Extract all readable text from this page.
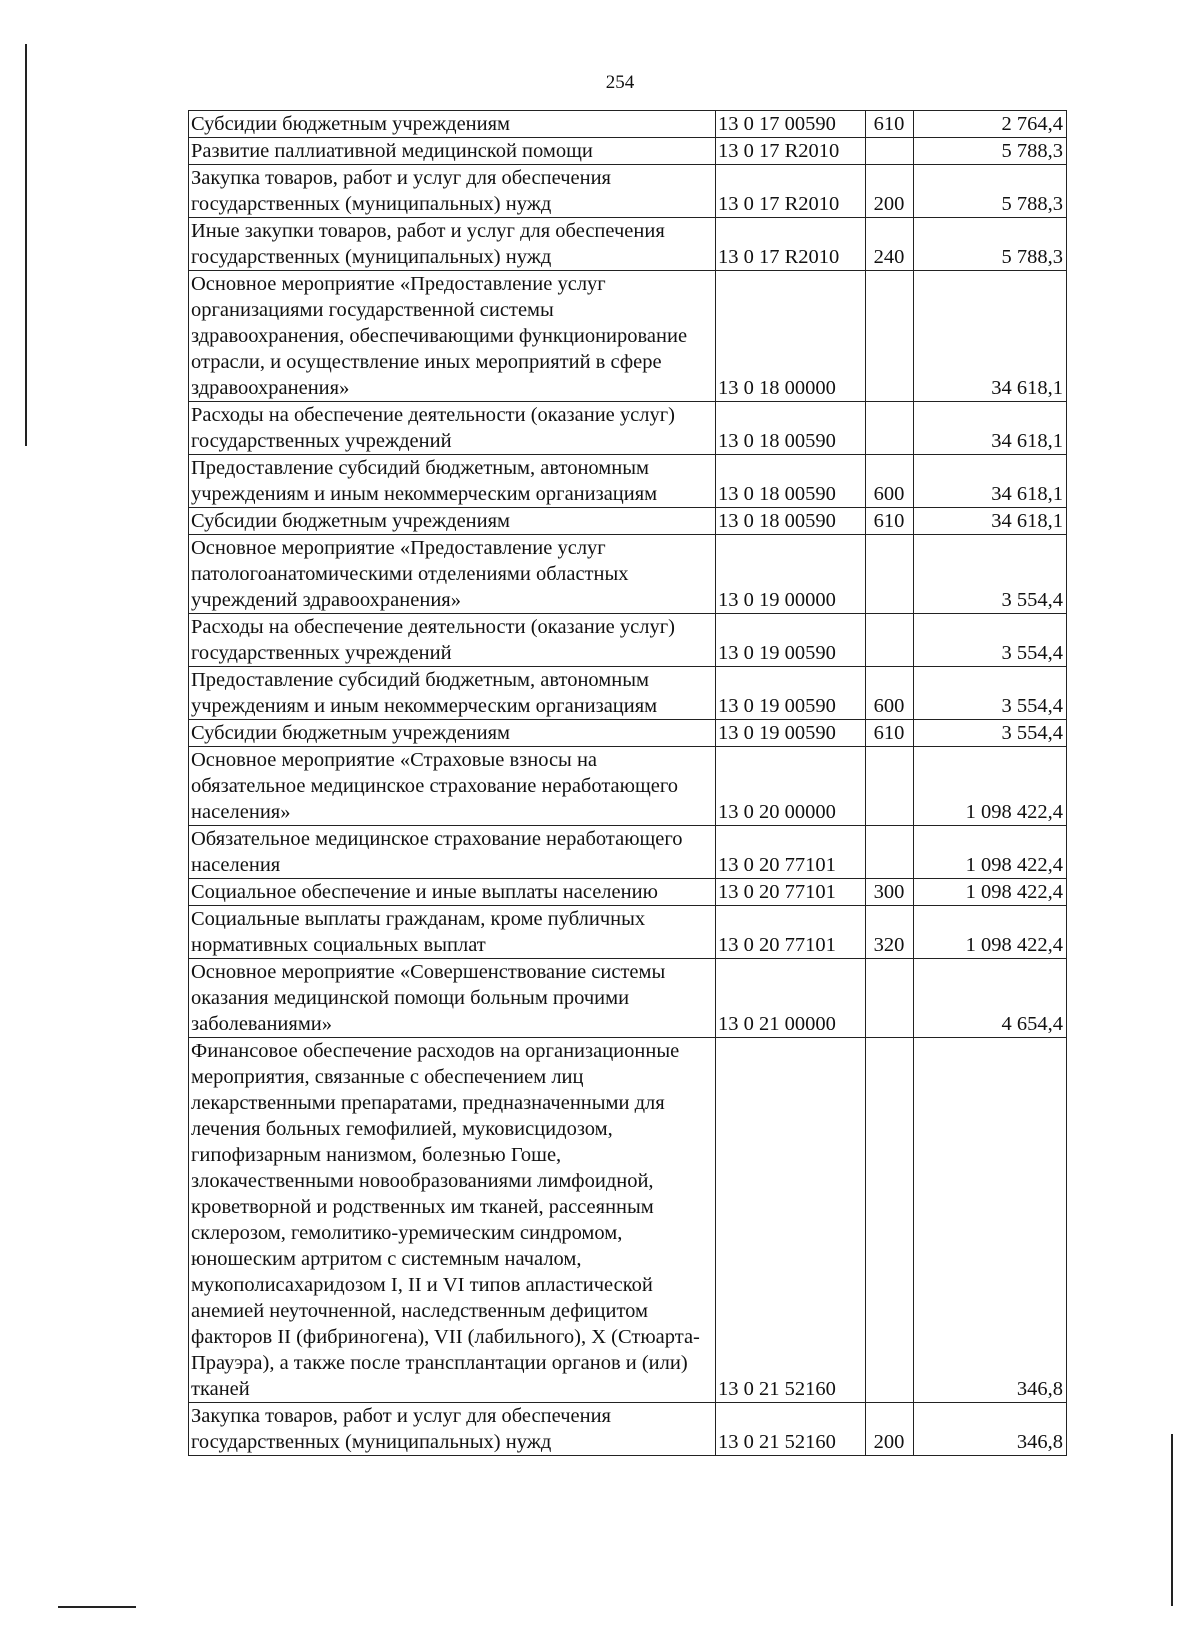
254
Субсидии бюджетным учреждениям	13 0 17 00590	610	2 764,4
Развитие паллиативной медицинской помощи	13 0 17 R2010		5 788,3
Закупка товаров, работ и услуг для обеспечения государственных (муниципальных) нужд	13 0 17 R2010	200	5 788,3
Иные закупки товаров, работ и услуг для обеспечения государственных (муниципальных) нужд	13 0 17 R2010	240	5 788,3
Основное мероприятие «Предоставление услуг организациями государственной системы здравоохранения, обеспечивающими функционирование отрасли, и осуществление иных мероприятий в сфере здравоохранения»	13 0 18 00000		34 618,1
Расходы на обеспечение деятельности (оказание услуг) государственных учреждений	13 0 18 00590		34 618,1
Предоставление субсидий бюджетным, автономным учреждениям и иным некоммерческим организациям	13 0 18 00590	600	34 618,1
Субсидии бюджетным учреждениям	13 0 18 00590	610	34 618,1
Основное мероприятие «Предоставление услуг патологоанатомическими отделениями областных учреждений здравоохранения»	13 0 19 00000		3 554,4
Расходы на обеспечение деятельности (оказание услуг) государственных учреждений	13 0 19 00590		3 554,4
Предоставление субсидий бюджетным, автономным учреждениям и иным некоммерческим организациям	13 0 19 00590	600	3 554,4
Субсидии бюджетным учреждениям	13 0 19 00590	610	3 554,4
Основное мероприятие «Страховые взносы на обязательное медицинское страхование неработающего населения»	13 0 20 00000		1 098 422,4
Обязательное медицинское страхование неработающего населения	13 0 20 77101		1 098 422,4
Социальное обеспечение и иные выплаты населению	13 0 20 77101	300	1 098 422,4
Социальные выплаты гражданам, кроме публичных нормативных социальных выплат	13 0 20 77101	320	1 098 422,4
Основное мероприятие «Совершенствование системы оказания медицинской помощи больным прочими заболеваниями»	13 0 21 00000		4 654,4
Финансовое обеспечение расходов на организационные мероприятия, связанные с обеспечением лиц лекарственными препаратами, предназначенными для лечения больных гемофилией, муковисцидозом, гипофизарным нанизмом, болезнью Гоше, злокачественными новообразованиями лимфоидной, кроветворной и родственных им тканей, рассеянным склерозом, гемолитико-уремическим синдромом, юношеским артритом с системным началом, мукополисахаридозом I, II и VI типов апластической анемией неуточненной, наследственным дефицитом факторов II (фибриногена), VII (лабильного), X (Стюарта-Прауэра), а также после трансплантации органов и (или) тканей	13 0 21 52160		346,8
Закупка товаров, работ и услуг для обеспечения государственных (муниципальных) нужд	13 0 21 52160	200	346,8
